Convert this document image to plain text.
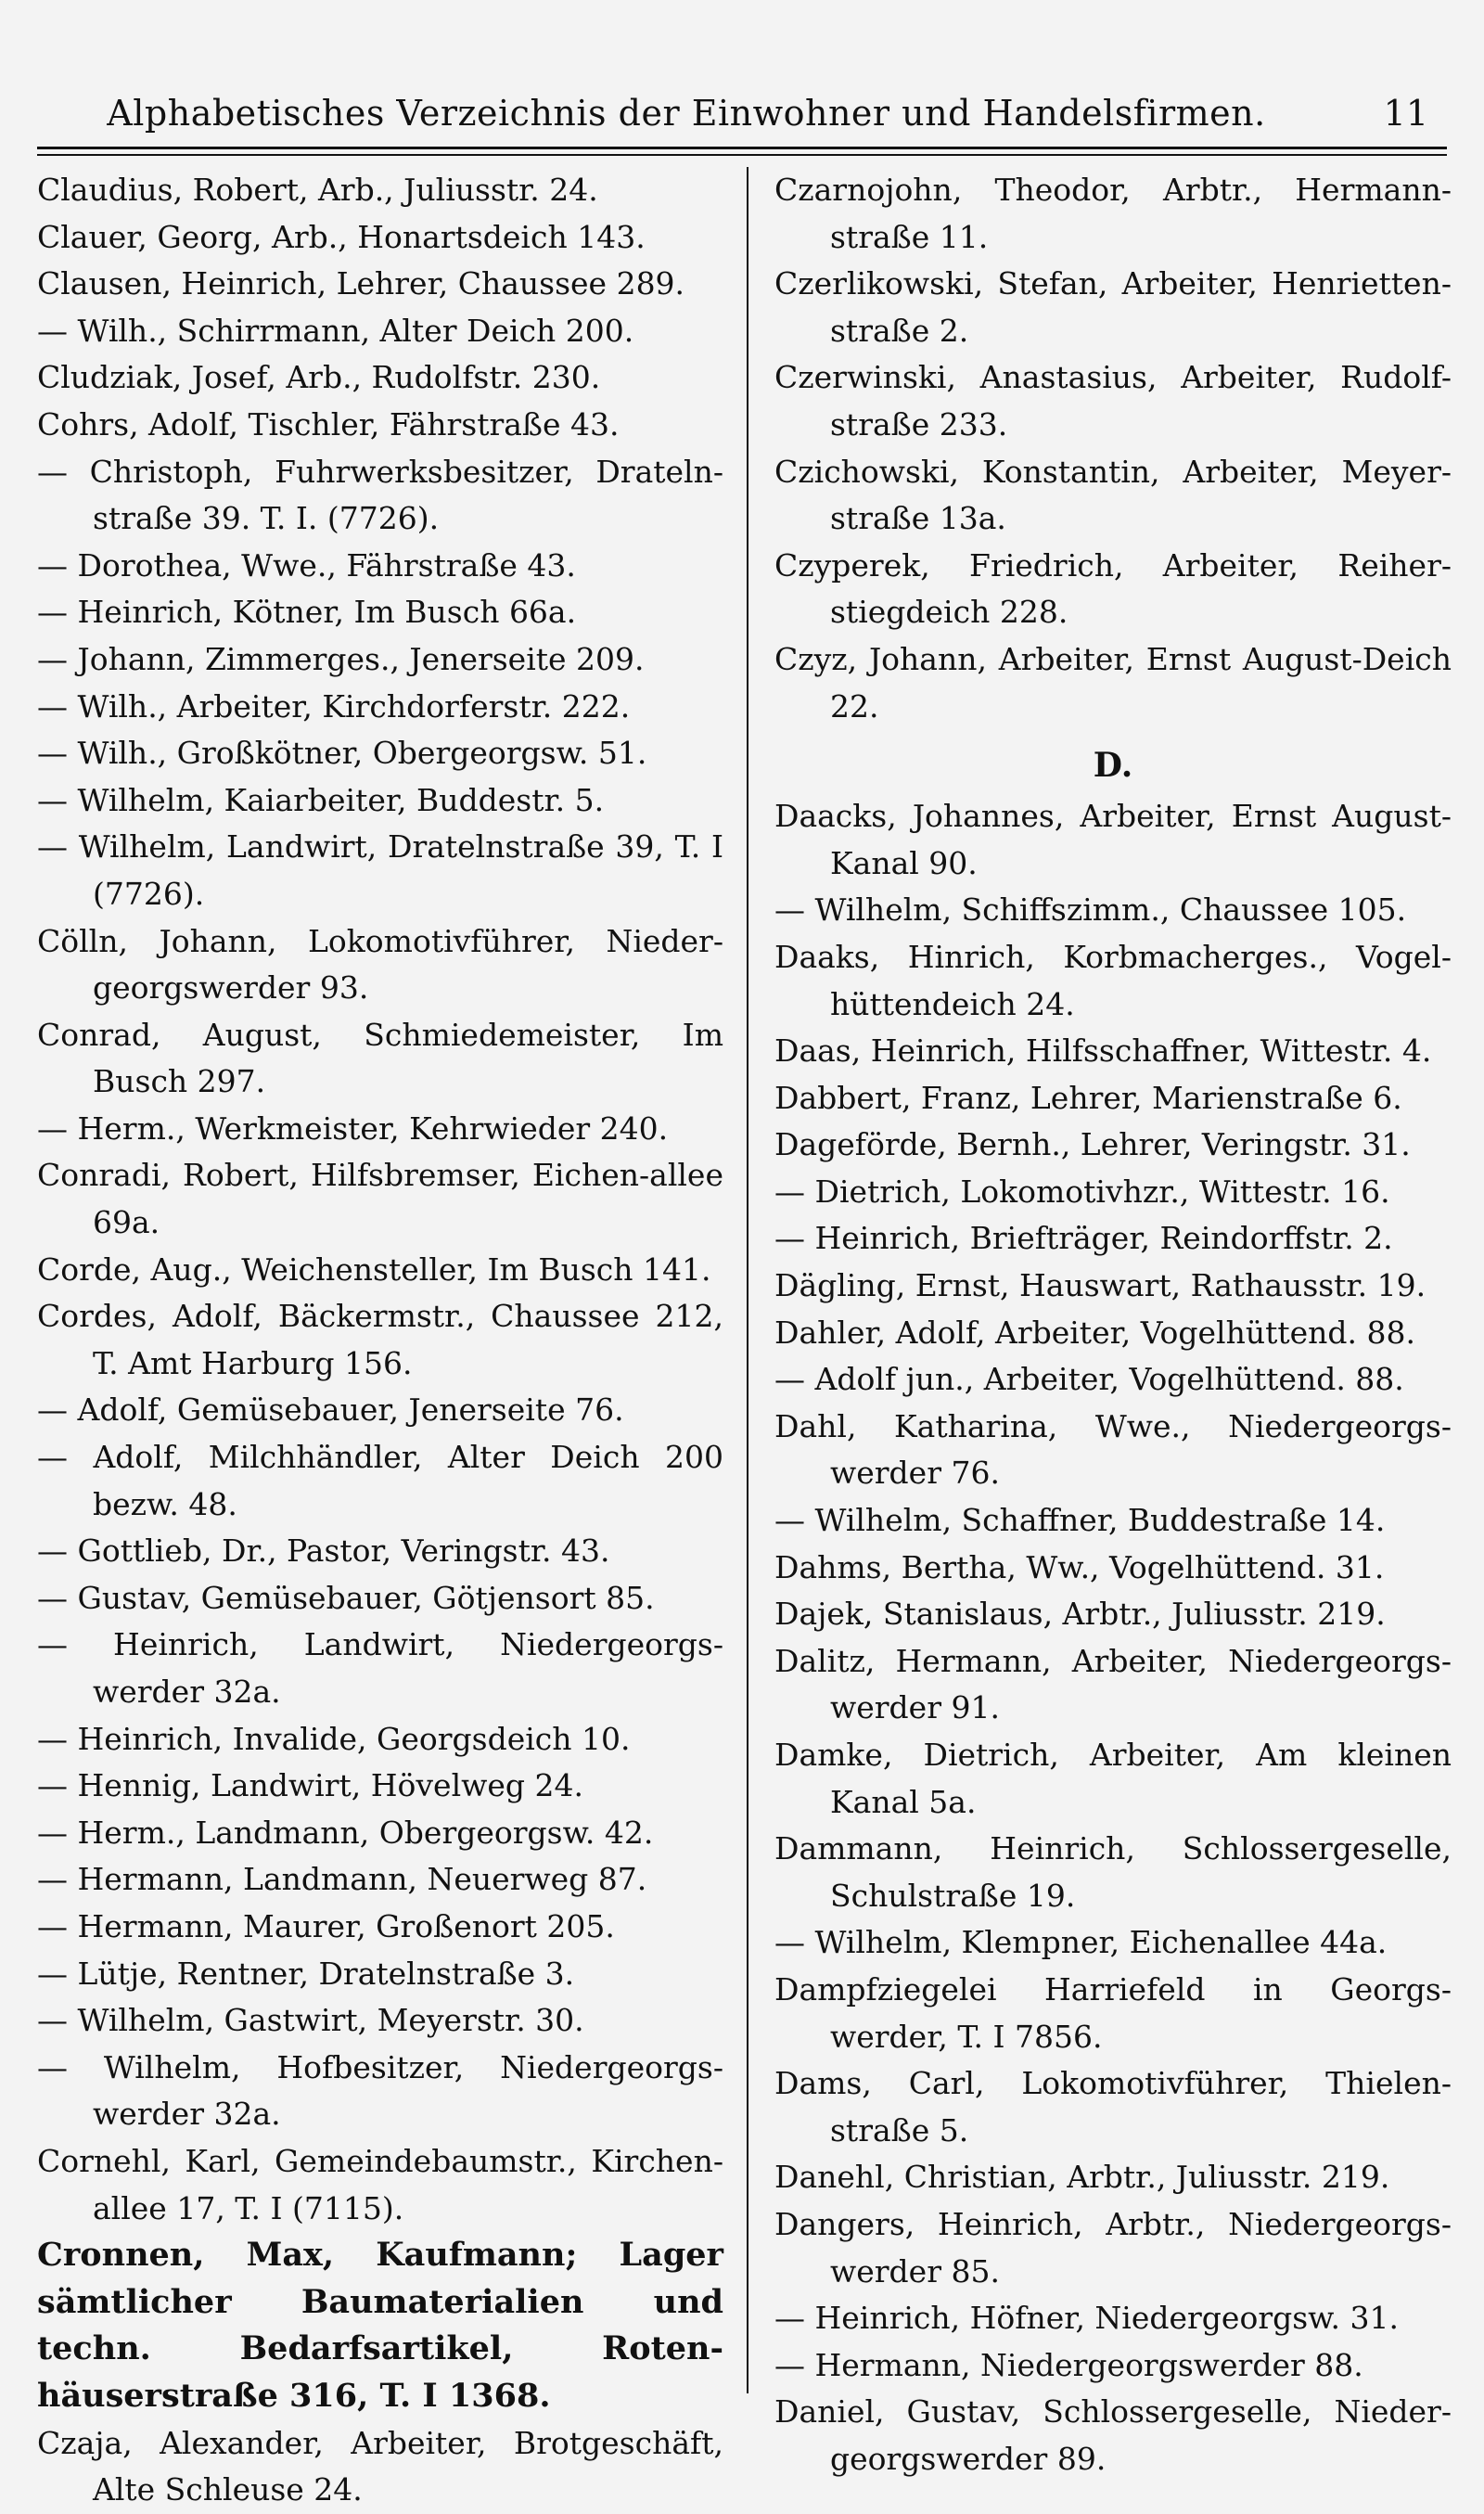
Alphabetisches Verzeichnis der Einwohner und Handelsfirmen.	11

Claudius, Robert, Arb., Juliusstr. 24.

Clauer, Georg, Arb., Honartsdeich 143.

Clausen, Heinrich, Lehrer, Chaussee 289.

— Wilh., Schirrmann, Alter Deich 200.

Cludziak, Josef, Arb., Rudolfstr. 230.

Cohrs, Adolf, Tischler, Fährstraße 43.

— Christoph, Fuhrwerksbesitzer, Drateln-straße 39. T. I. (7726).

— Dorothea, Wwe., Fährstraße 43.

— Heinrich, Kötner, Im Busch 66a.

— Johann, Zimmerges., Jenerseite 209.

— Wilh., Arbeiter, Kirchdorferstr. 222.

— Wilh., Großkötner, Obergeorgsw. 51.

— Wilhelm, Kaiarbeiter, Buddestr. 5.

— Wilhelm, Landwirt, Dratelnstraße 39, T. I (7726).

Cölln, Johann, Lokomotivführer, Nieder-georgswerder 93.

Conrad, August, Schmiedemeister, Im Busch 297.

— Herm., Werkmeister, Kehrwieder 240.

Conradi, Robert, Hilfsbremser, Eichen-allee 69a.

Corde, Aug., Weichensteller, Im Busch 141.

Cordes, Adolf, Bäckermstr., Chaussee 212, T. Amt Harburg 156.

— Adolf, Gemüsebauer, Jenerseite 76.

— Adolf, Milchhändler, Alter Deich 200 bezw. 48.

— Gottlieb, Dr., Pastor, Veringstr. 43.

— Gustav, Gemüsebauer, Götjensort 85.

— Heinrich, Landwirt, Niedergeorgs-werder 32a.

— Heinrich, Invalide, Georgsdeich 10.

— Hennig, Landwirt, Hövelweg 24.

— Herm., Landmann, Obergeorgsw. 42.

— Hermann, Landmann, Neuerweg 87.

— Hermann, Maurer, Großenort 205.

— Lütje, Rentner, Dratelnstraße 3.

— Wilhelm, Gastwirt, Meyerstr. 30.

— Wilhelm, Hofbesitzer, Niedergeorgs-werder 32a.

Cornehl, Karl, Gemeindebaumstr., Kirchen-allee 17, T. I (7115).

Cronnen, Max, Kaufmann; Lager sämtlicher Baumaterialien und techn. Bedarfsartikel, Roten-häuserstraße 316, T. I 1368.

Czaja, Alexander, Arbeiter, Brotgeschäft, Alte Schleuse 24.

Czarnojohn, Theodor, Arbtr., Hermann-straße 11.

Czerlikowski, Stefan, Arbeiter, Henrietten-straße 2.

Czerwinski, Anastasius, Arbeiter, Rudolf-straße 233.

Czichowski, Konstantin, Arbeiter, Meyer-straße 13a.

Czyperek, Friedrich, Arbeiter, Reiher-stiegdeich 228.

Czyz, Johann, Arbeiter, Ernst August-Deich 22.

D.

Daacks, Johannes, Arbeiter, Ernst August-Kanal 90.

— Wilhelm, Schiffszimm., Chaussee 105.

Daaks, Hinrich, Korbmacherges., Vogel-hüttendeich 24.

Daas, Heinrich, Hilfsschaffner, Wittestr. 4.

Dabbert, Franz, Lehrer, Marienstraße 6.

Dageförde, Bernh., Lehrer, Veringstr. 31.

— Dietrich, Lokomotivhzr., Wittestr. 16.

— Heinrich, Briefträger, Reindorffstr. 2.

Dägling, Ernst, Hauswart, Rathausstr. 19.

Dahler, Adolf, Arbeiter, Vogelhüttend. 88.

— Adolf jun., Arbeiter, Vogelhüttend. 88.

Dahl, Katharina, Wwe., Niedergeorgs-werder 76.

— Wilhelm, Schaffner, Buddestraße 14.

Dahms, Bertha, Ww., Vogelhüttend. 31.

Dajek, Stanislaus, Arbtr., Juliusstr. 219.

Dalitz, Hermann, Arbeiter, Niedergeorgs-werder 91.

Damke, Dietrich, Arbeiter, Am kleinen Kanal 5a.

Dammann, Heinrich, Schlossergeselle, Schulstraße 19.

— Wilhelm, Klempner, Eichenallee 44a.

Dampfziegelei Harriefeld in Georgs-werder, T. I 7856.

Dams, Carl, Lokomotivführer, Thielen-straße 5.

Danehl, Christian, Arbtr., Juliusstr. 219.

Dangers, Heinrich, Arbtr., Niedergeorgs-werder 85.

— Heinrich, Höfner, Niedergeorgsw. 31.

— Hermann, Niedergeorgswerder 88.

Daniel, Gustav, Schlossergeselle, Nieder-georgswerder 89.
